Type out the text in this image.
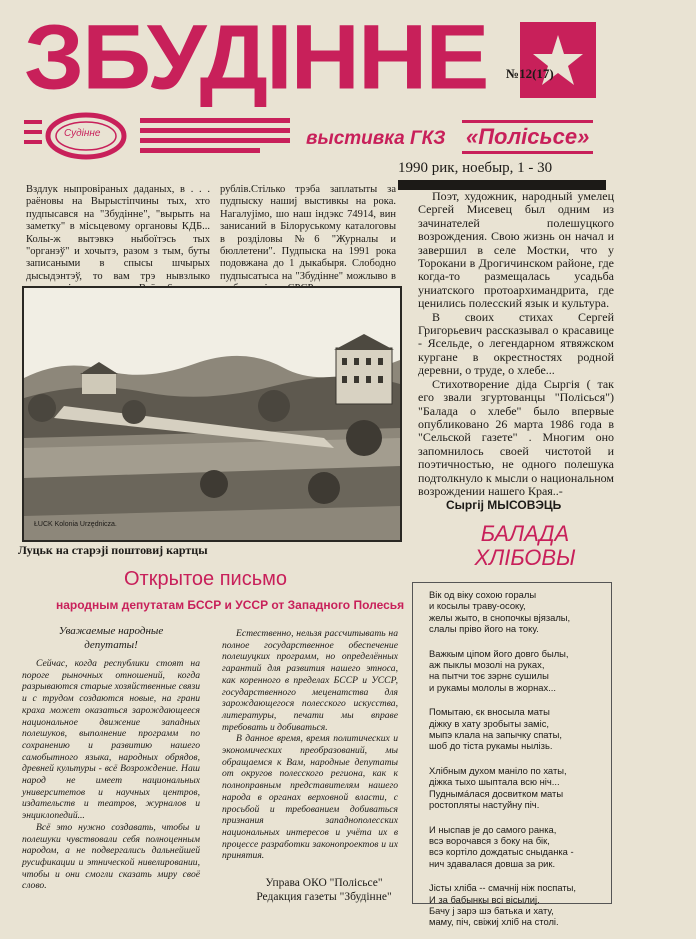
ЗБУДІННЕ №12(17)
Судінне	выстивка ГКЗ «Полісьсе»
1990 рик, ноебыр, 1 - 30
Вздлук ныпровіраных даданых, в . . . раёновы на Вырыстіпчины тых, хто пудпысався на "Збудінне", "вырыть на заметку" в місьцевому органовы КДБ... Колы-ж вытэвкэ ныбоїтэсь тых "органэў" и хочытэ, разом з тым, буты записаными в спысы шчырых дысыдэнтэў, то вам трэ нывзлыко
рублів.Стілько трэба заплатыты за пудпыску нашиј выстивкы на рока. Нагалујімо, шо наш індэкс 74914, вин занисаний в Білоруському каталоговы в розділовы №6 "Журналы и бюллетени". Пудпыска на 1991 рока подовжана до 1 дыкабыря. Слободно пудпысатыса на "Збудінне" можлыво в

Поэт, художник, народный умелец Сергей Мисевец был одним из зачинателей полешуцкого возрождения. Свою жизнь он начал и завершил в селе Мостки, что у Торокани в Дрогичинском районе, где когда-то размещалась усадьба униатского протоархимандрита, где ценились полесский язык и культура.

В своих стихах Сергей Григорьевич рассказывал о красавице - Ясельде, о легендарном ятвяжском кургане в окрестностях родной деревни, о труде, о хлебе...

Стихотворение діда Сыргія ( так его звали згуртованцы "Полісься") "Балада о хлебе" было впервые опубликовано 26 марта 1986 года в "Сельской газете" . Многим оно запомнилось своей чистотой и поэтичностью, не одного полешука подтолкнуло к мысли о национальном возрождении нашего Края..-

ŁUCK Kolonia Urzędnicza.
Луцьк на старэјі поштовиј картцы
Открытое письмо
народным депутатам БССР и УССР от Западного Полесья
Уважаемые народные депутаты!
Сейчас, когда республики стоят на пороге рыночных отношений, когда разрываются старые хозяйственные связи и с трудом создаются новые, на грани краха может оказаться зарождающееся национальное движение западных полешуков, выполнение программ по сохранению и развитию нашего самобытного языка, народных обрядов, древней культуры - всё Возрождение. Наш народ не имеет национальных университетов и научных центров, издательств и театров, журналов и энциклопедий...
Всё это нужно создавать, чтобы и полешуки чувствовали себя полноценным народом, а не подвергались дальнейшей русификации и этнической нивелировании, чтобы и они смогли сказать миру своё слово.
Естественно, нельзя рассчитывать на полное государственное обеспечение полешуцких программ, но определённых гарантий для развития нашего этноса, как коренного в пределах БССР и УССР, государственного меценатства для зарождающегося полесского искусства, литературы, печати мы вправе требовать и добиваться.
В данное время, время политических и экономических преобразований, мы обращаемся к Вам, народные депутаты от округов полесского региона, как к полноправным представителям нашего народа в органах верховной власти, с просьбой и требованием добиваться признания западнополесских национальных интересов и учёта их в процессе разработки законопроектов и их принятия.
Управа ОКО "Полісьсе"
Редакция газеты "Збудінне"
Сыргіј МЫСОВЭЦЬ
БАЛАДА
ХЛІБОВЫ
Вік од віку сохою горалы
и косылы траву-осоку,
желы жыто, в снопочкы вјязалы,
слалы пріво його на току.
Важкым ціпом його довго былы,
аж пыклы мозолі на руках,
на пытчи тоє зэрнє сушилы
и рукамы мололы в жорнах...
Помытаю, єк вносыла маты
діжку в хату зробыты заміс,
мыпэ клала на запычку спаты,
шоб до тіста рукамы нылізь.
Хлібным духом маніло по хаты,
діжка тыхо шыптала всю ніч...
Пудныма́лася досвитком маты
ростопляты настуйну піч.
И ныспав je до самого ранка,
всэ ворочався з боку на бік,
всэ кортіло дождатыс сныданка -
нич здавалася довша за рик.
Јісты хліба -- смачніј ніж поспаты,
И за бабынкы всі вісылиј.
Бачу ј зарэ шэ батька и хату,
маму, піч, свіжиј хліб на столі.
